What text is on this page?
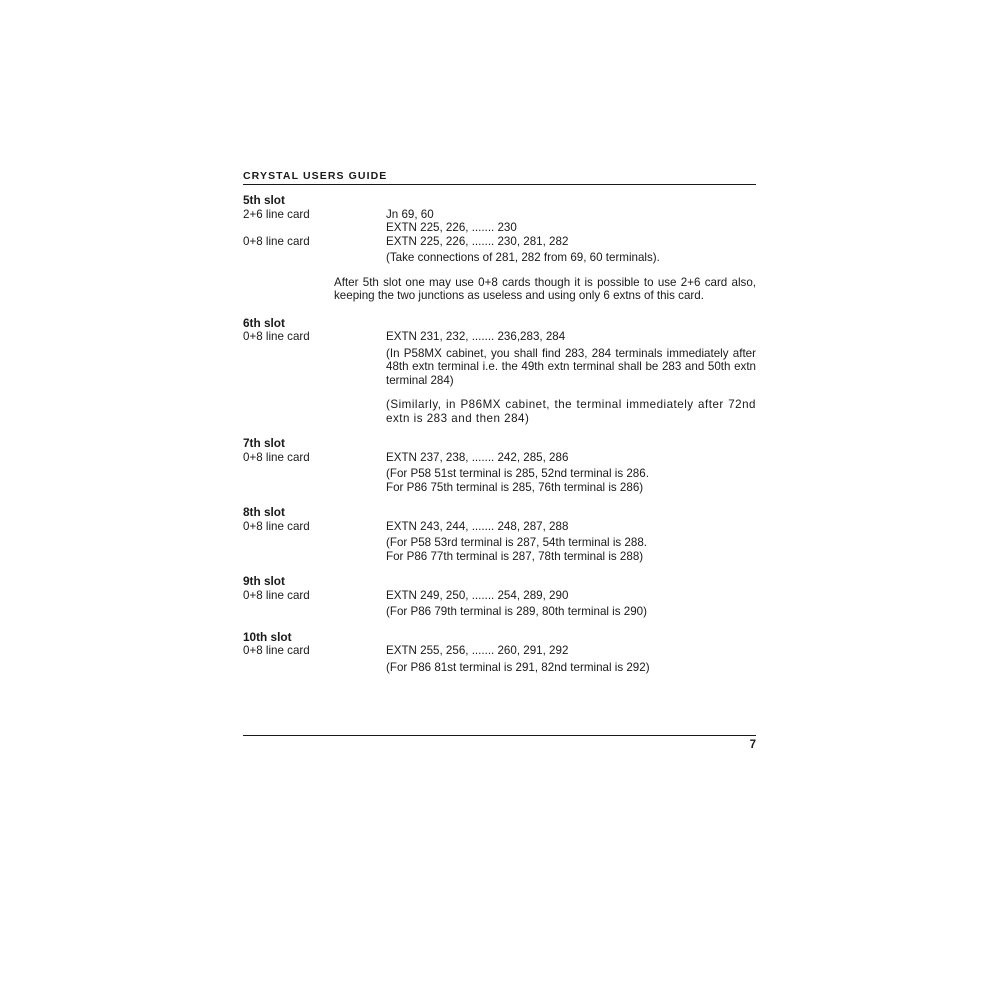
CRYSTAL USERS GUIDE
5th slot
2+6 line card	Jn 69, 60
EXTN 225, 226, ....... 230
0+8 line card	EXTN 225, 226, ....... 230, 281, 282
(Take connections of 281, 282 from 69, 60 terminals).
After 5th slot one may use 0+8 cards though it is possible to use 2+6 card also, keeping the two junctions as useless and using only 6 extns of this card.
6th slot
0+8 line card	EXTN 231, 232, ....... 236,283, 284
(In P58MX cabinet, you shall find 283, 284 terminals immediately after 48th extn terminal i.e. the 49th extn terminal shall be 283 and 50th extn terminal 284)
(Similarly, in P86MX cabinet, the terminal immediately after 72nd extn is 283 and then 284)
7th slot
0+8 line card	EXTN 237, 238, ....... 242, 285, 286
(For P58 51st terminal is 285, 52nd terminal is 286.
For P86 75th terminal is 285, 76th terminal is 286)
8th slot
0+8 line card	EXTN 243, 244, ....... 248, 287, 288
(For P58 53rd terminal is 287, 54th terminal is 288.
For P86 77th terminal is 287, 78th terminal is 288)
9th slot
0+8 line card	EXTN 249, 250, ....... 254, 289, 290
(For P86 79th terminal is 289, 80th terminal is 290)
10th slot
0+8 line card	EXTN 255, 256, ....... 260, 291, 292
(For P86 81st terminal is 291, 82nd terminal is 292)
7
